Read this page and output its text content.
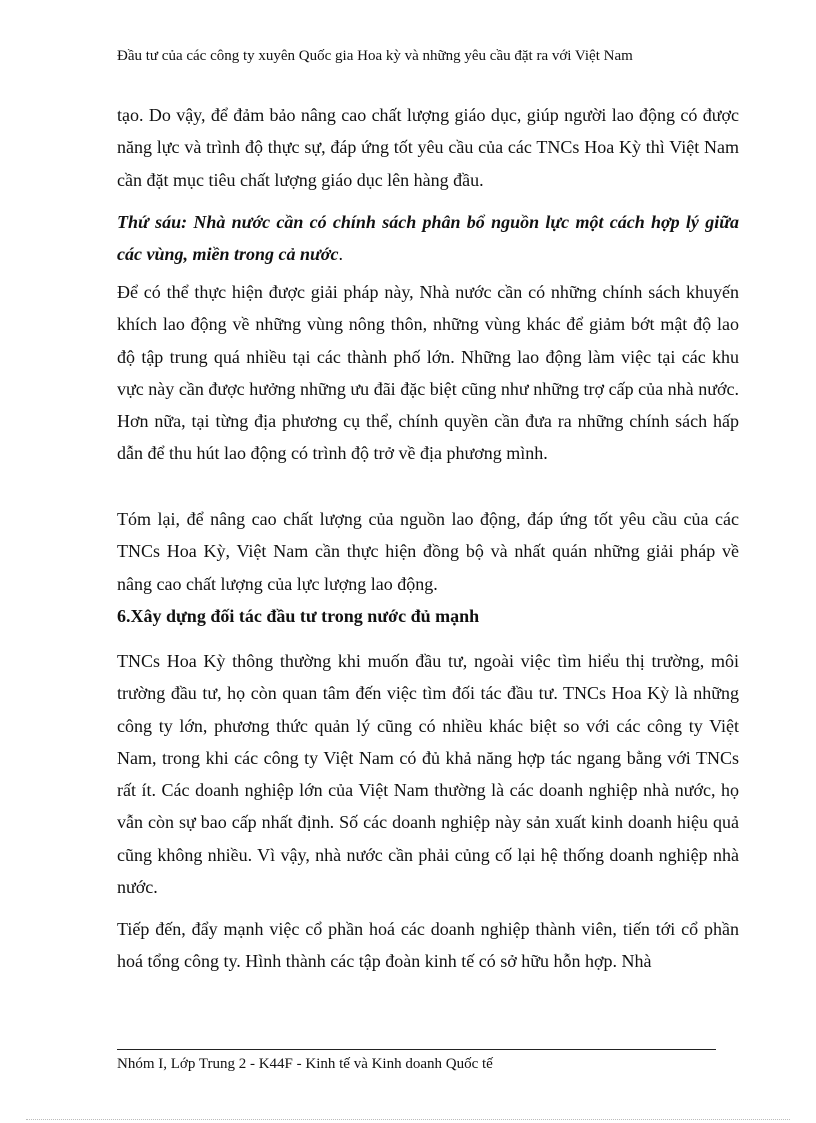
Đầu tư của các công ty xuyên Quốc gia Hoa kỳ và những yêu cầu đặt ra với Việt Nam

tạo. Do vậy, để đảm bảo nâng cao chất lượng giáo dục, giúp người lao động có được năng lực và trình độ thực sự, đáp ứng tốt yêu cầu của các TNCs Hoa Kỳ thì Việt Nam cần đặt mục tiêu chất lượng giáo dục lên hàng đầu.

Thứ sáu: Nhà nước cần có chính sách phân bổ nguồn lực một cách hợp lý giữa các vùng, miền trong cả nước.

Để có thể thực hiện được giải pháp này, Nhà nước cần có những chính sách khuyến khích lao động về những vùng nông thôn, những vùng khác để giảm bớt mật độ lao độ tập trung quá nhiều tại các thành phố lớn. Những lao động làm việc tại các khu vực này cần được hưởng những ưu đãi đặc biệt cũng như những trợ cấp của nhà nước. Hơn nữa, tại từng địa phương cụ thể, chính quyền cần đưa ra những chính sách hấp dẫn để thu hút lao động có trình độ trở về địa phương mình.

Tóm lại, để nâng cao chất lượng của nguồn lao động, đáp ứng tốt yêu cầu của các TNCs Hoa Kỳ, Việt Nam cần thực hiện đồng bộ và nhất quán những giải pháp về nâng cao chất lượng của lực lượng lao động.

6.Xây dựng đối tác đầu tư trong nước đủ mạnh

TNCs Hoa Kỳ thông thường khi muốn đầu tư, ngoài việc tìm hiểu thị trường, môi trường đầu tư, họ còn quan tâm đến việc tìm đối tác đầu tư. TNCs Hoa Kỳ là những công ty lớn, phương thức quản lý cũng có nhiều khác biệt so với các công ty Việt Nam, trong khi các công ty Việt Nam có đủ khả năng hợp tác ngang bằng với TNCs rất ít. Các doanh nghiệp lớn của Việt Nam thường là các doanh nghiệp nhà nước, họ vẫn còn sự bao cấp nhất định. Số các doanh nghiệp này sản xuất kinh doanh hiệu quả cũng không nhiều. Vì vậy, nhà nước cần phải củng cố lại hệ thống doanh nghiệp nhà nước.

Tiếp đến, đẩy mạnh việc cổ phần hoá các doanh nghiệp thành viên, tiến tới cổ phần hoá tổng công ty. Hình thành các tập đoàn kinh tế có sở hữu hỗn hợp. Nhà

Nhóm I, Lớp Trung 2 - K44F - Kinh tế và Kinh doanh Quốc tế
